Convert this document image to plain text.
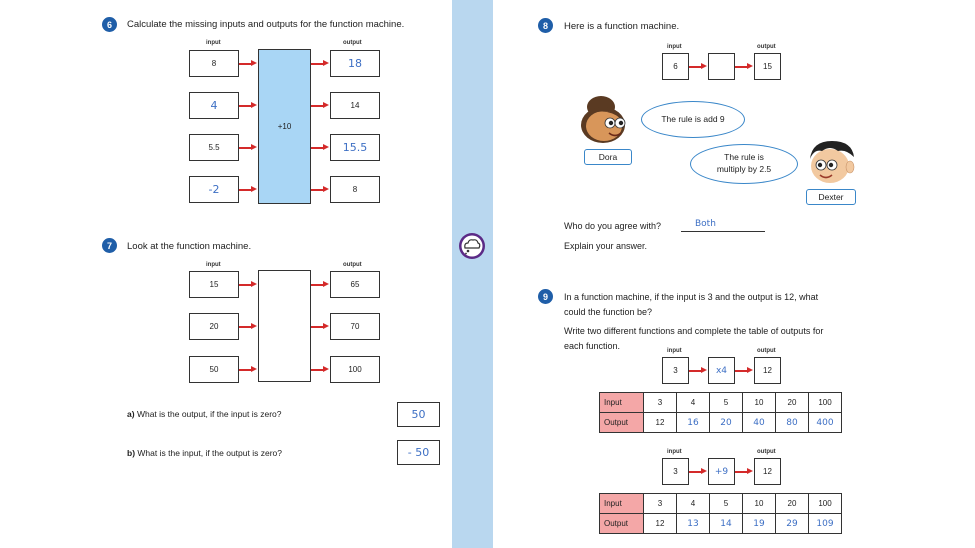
6	Calculate the missing inputs and outputs for the function machine.
input	output
+10
8	18
4	14
5.5	15.5
-2	8
7	Look at the function machine.
input	output
15	65
20	70
50	100
a) What is the output, if the input is zero?	50
b) What is the input, if the output is zero?	- 50
8	Here is a function machine.
input	output
6	15
Dora
The rule is add 9
The rule is
multiply by 2.5
Dexter
Who do you agree with?	Both
Explain your answer.
9	In a function machine, if the input is 3 and the output is 12, what
could the function be?
Write two different functions and complete the table of outputs for
each function.	input	output
3	x4	12
Input	3	4	5	10	20	100
Output	12	16	20	40	80	400
input	output
3	+9	12
Input	3	4	5	10	20	100
Output	12	13	14	19	29	109
